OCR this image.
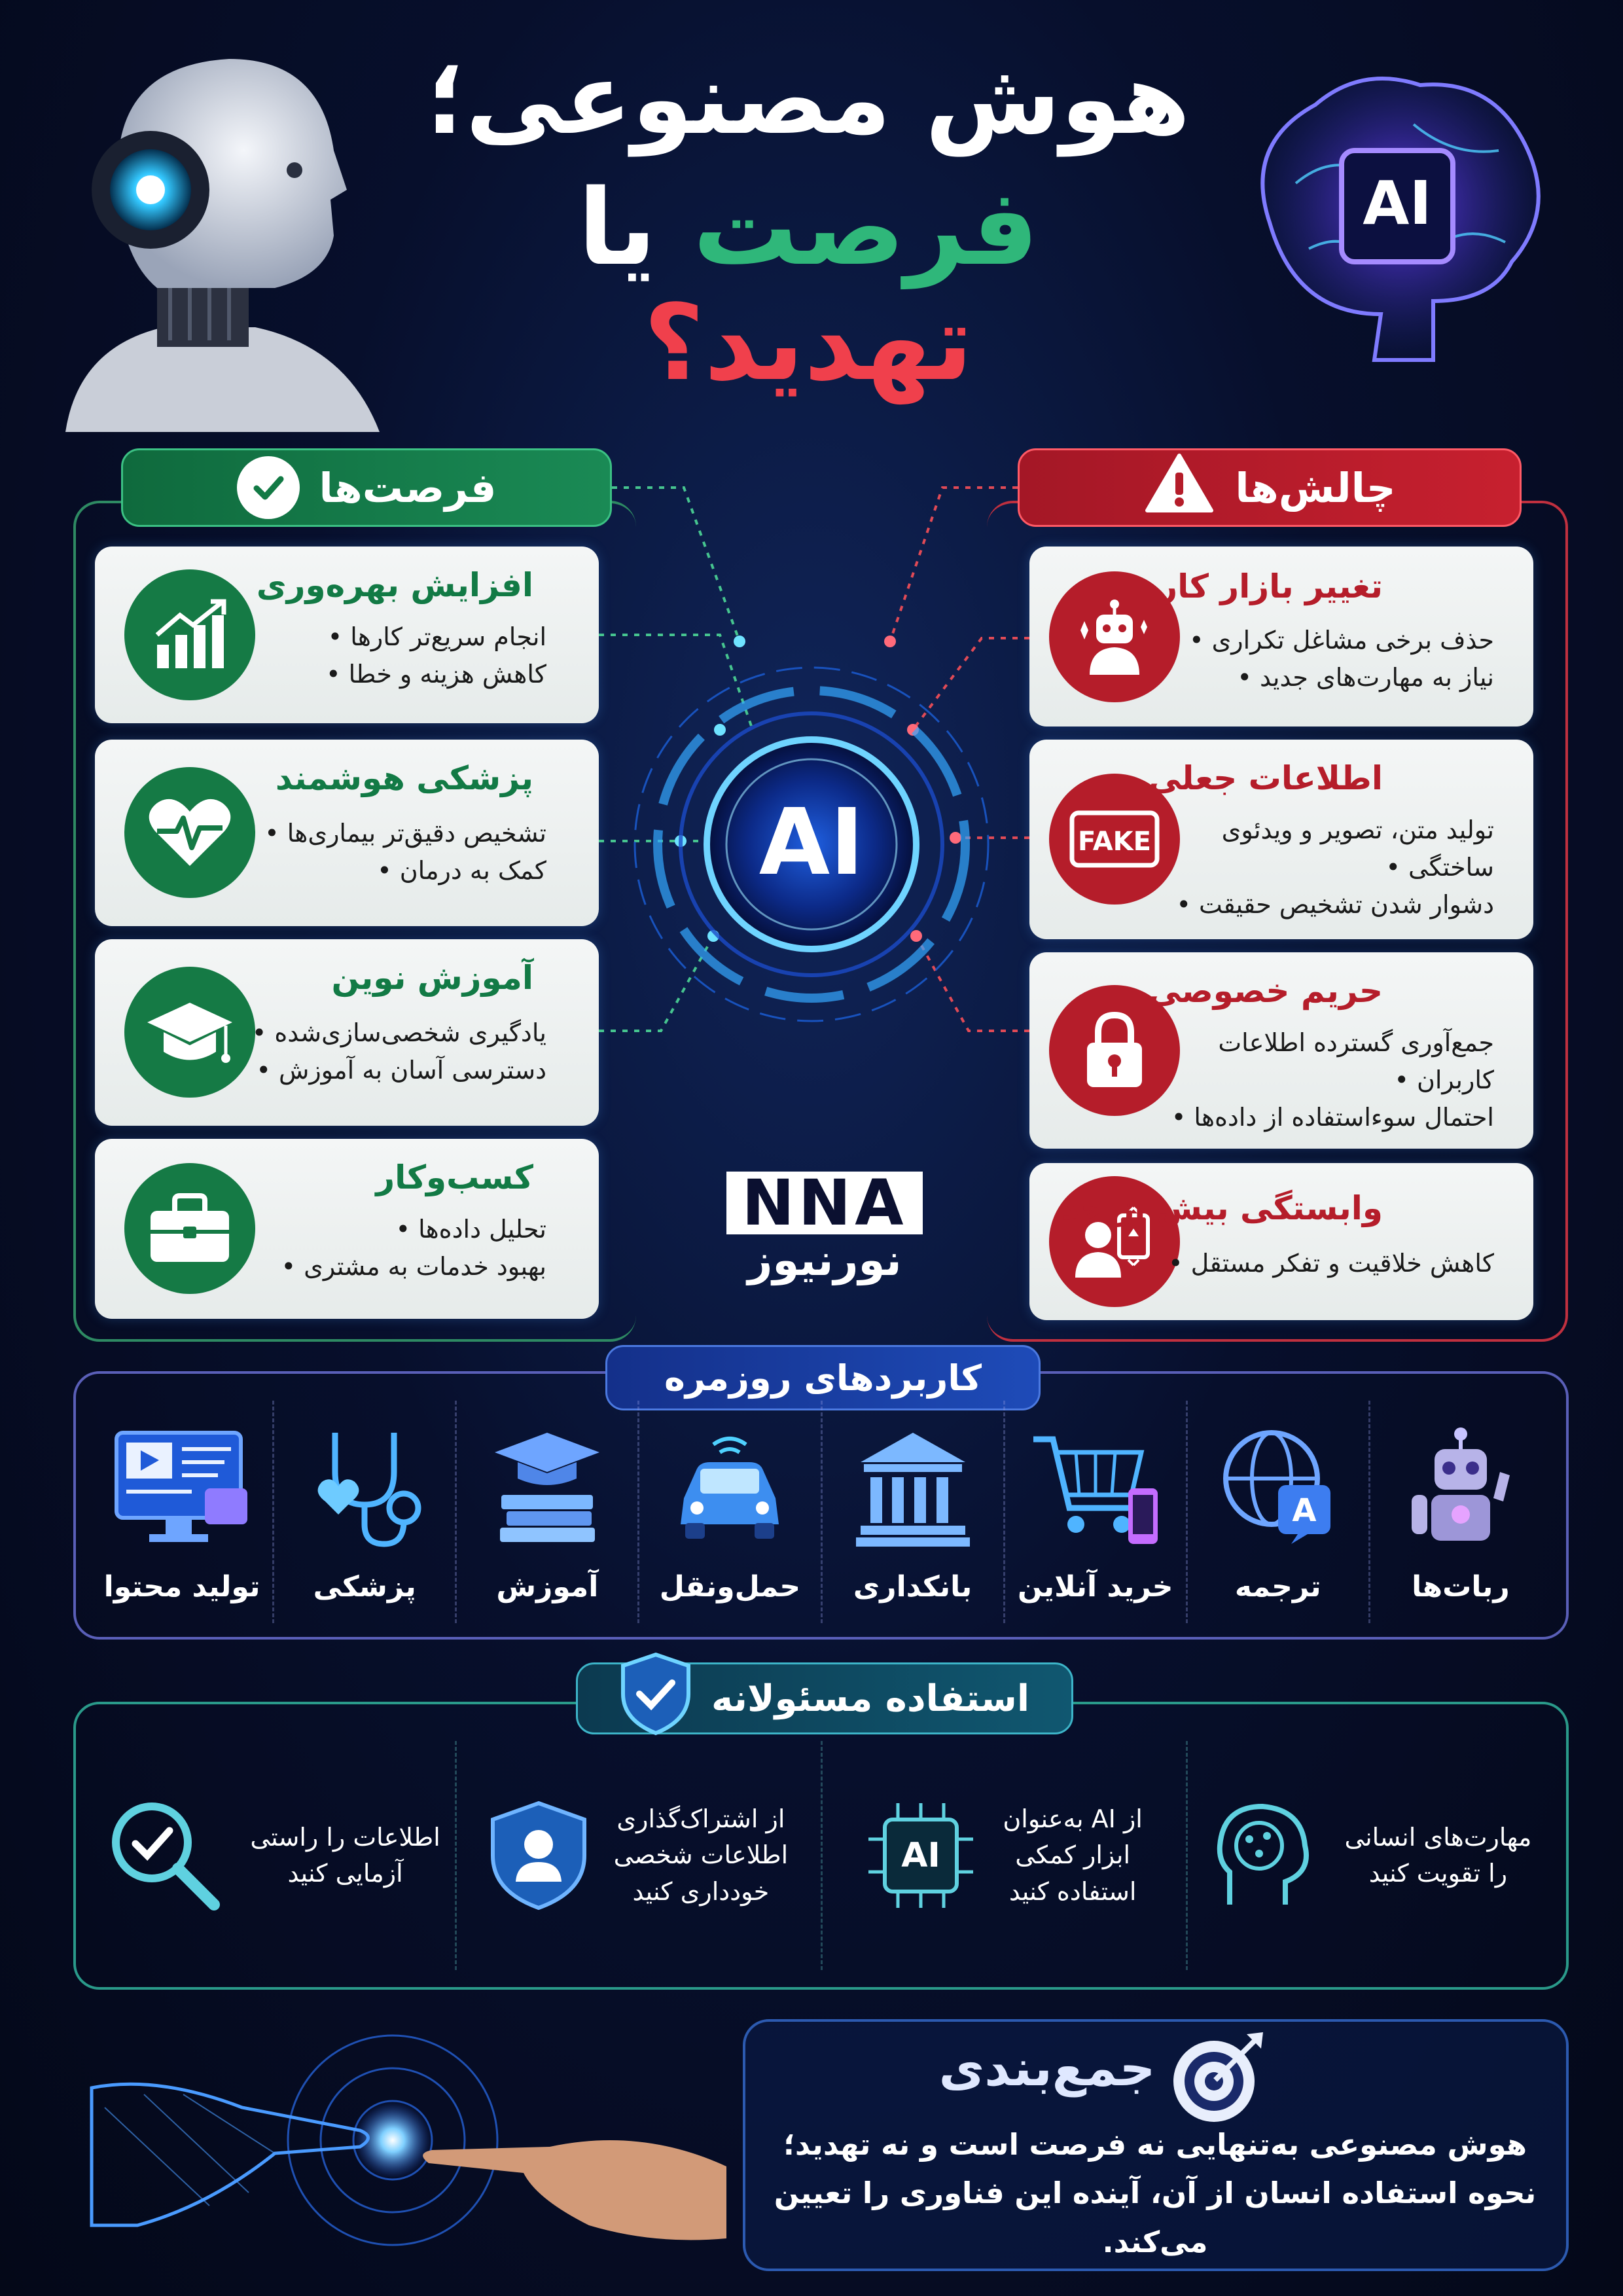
AI
هوش مصنوعی؛
فرصت یا تهدید؟
فرصت‌ها	چالش‌ها
افزایش بهره‌وری
انجام سریع‌تر کارها •
کاهش هزینه و خطا •
پزشکی هوشمند
تشخیص دقیق‌تر بیماری‌ها •
کمک به درمان •
آموزش نوین
یادگیری شخصی‌سازی‌شده •
دسترسی آسان به آموزش •
کسب‌وکار
تحلیل داده‌ها •
بهبود خدمات به مشتری •
تغییر بازار کار
حذف برخی مشاغل تکراری •
نیاز به مهارت‌های جدید •
FAKE
اطلاعات جعلی
تولید متن، تصویر و ویدئوی ساختگی •
دشوار شدن تشخیص حقیقت •
حریم خصوصی
جمع‌آوری گسترده اطلاعات کاربران •
احتمال سوءاستفاده از داده‌ها •
وابستگی بیش از حد
کاهش خلاقیت و تفکر مستقل •
AI
NNA
نورنیوز
کاربردهای روزمره
ربات‌ها
A
ترجمه
خرید آنلاین
بانکداری
حمل‌ونقل
آموزش
پزشکی
تولید محتوا
استفاده مسئولانه
مهارت‌های انسانی
را تقویت کنید
از AI به‌عنوان
ابزار کمکی
استفاده کنید
AI
از اشتراک‌گذاری
اطلاعات شخصی
خودداری کنید
اطلاعات را راستی
آزمایی کنید
جمع‌بندی
هوش مصنوعی به‌تنهایی نه فرصت است و نه تهدید؛
نحوه استفاده انسان از آن، آینده این فناوری را تعیین می‌کند.
